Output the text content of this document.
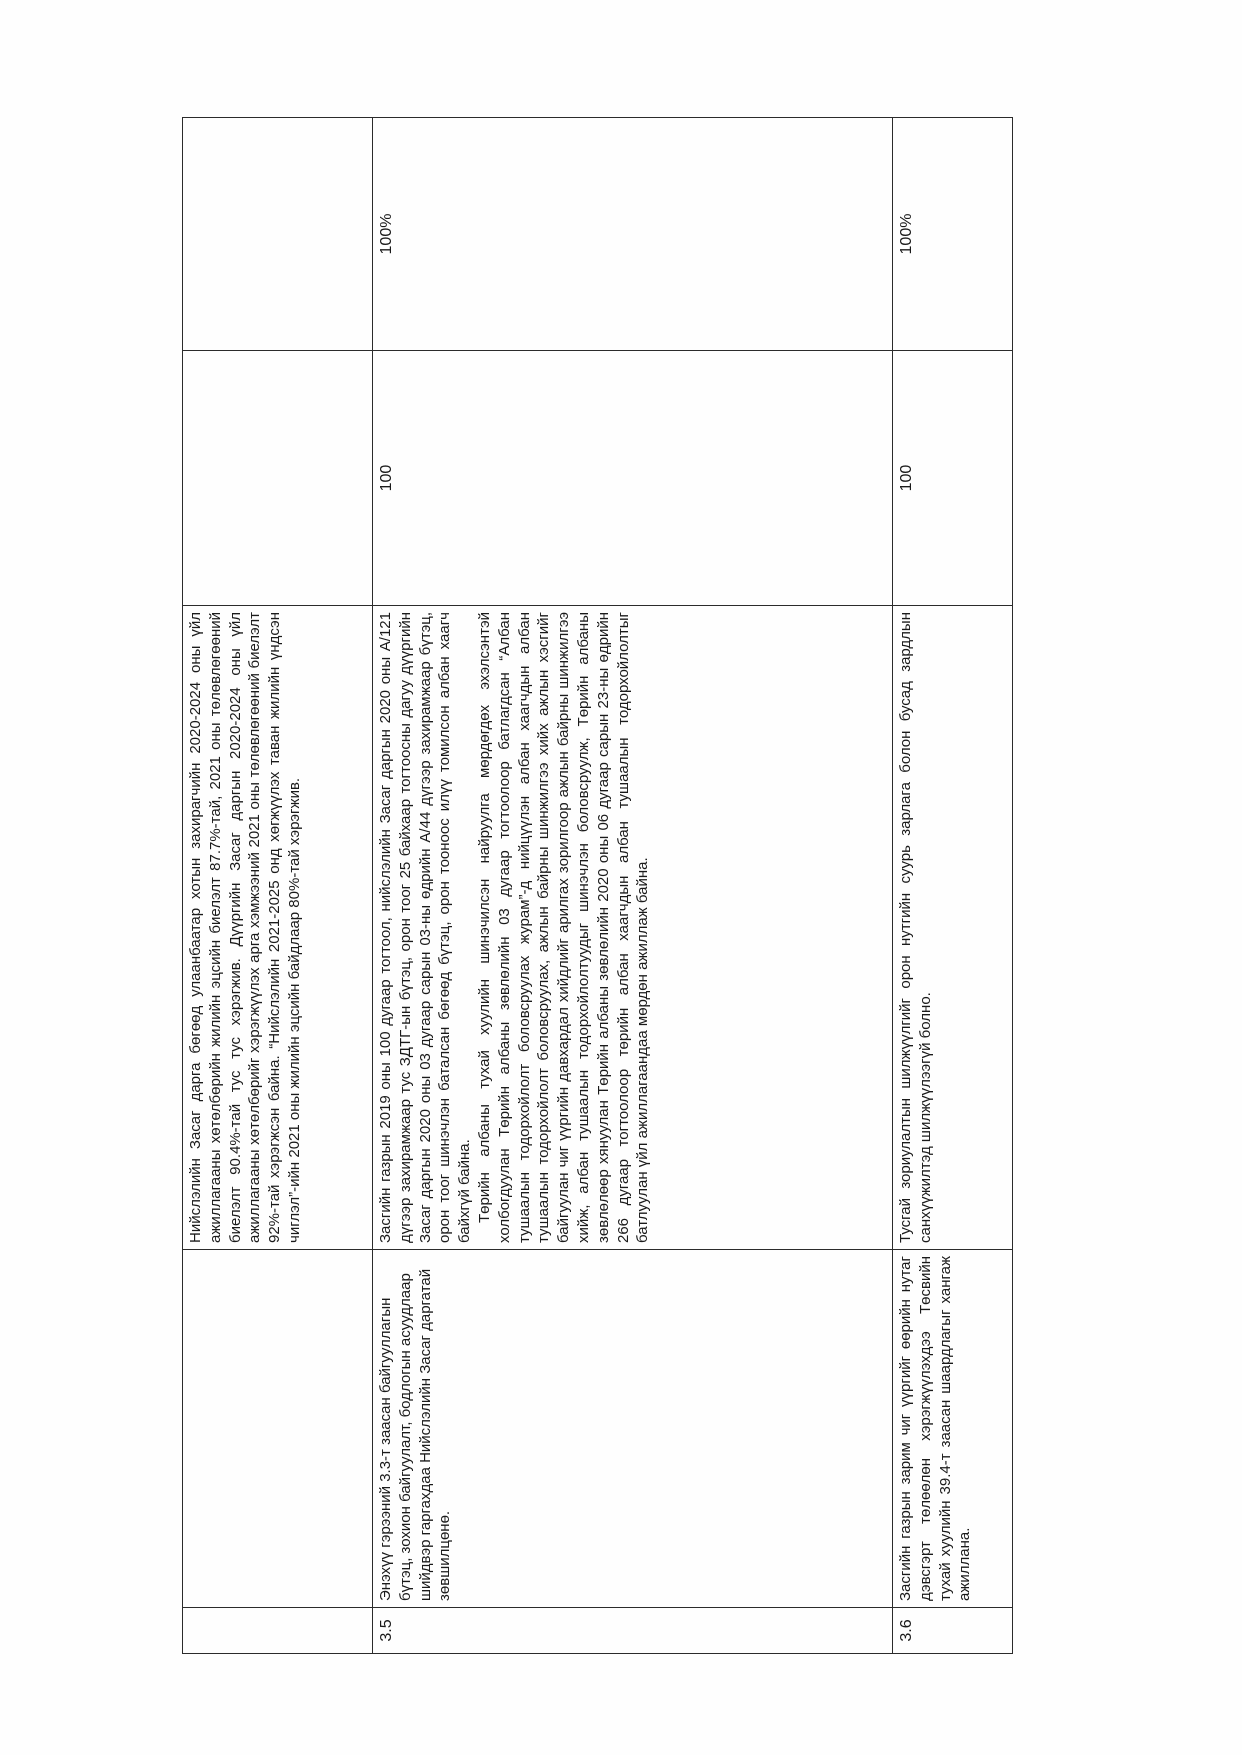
		Нийслэлийн Засаг дарга бөгөөд улаанбаатар хотын захирагчийн 2020-2024 оны үйл ажиллагааны хөтөлбөрийн жилийн эцсийн биелэлт 87.7%-тай, 2021 оны төлөвлөгөөний биелэлт 90.4%-тай тус тус хэрэгжив. Дүүргийн Засаг даргын 2020-2024 оны үйл ажиллагааны хөтөлбөрийг хэрэгжүүлэх арга хэмжээний 2021 оны төлөвлөгөөний биелэлт 92%-тай хэрэгжсэн байна. “Нийслэлийн 2021-2025 онд хөгжүүлэх таван жилийн үндсэн чиглэл”-ийн 2021 оны жилийн эцсийн байдлаар 80%-тай хэрэгжив.		
3.5	Энэхүү гэрээний 3.3-т заасан байгууллагын бүтэц, зохион байгуулалт, бодлогын асуудлаар шийдвэр гаргахдаа Нийслэлийн Засаг даргатай зөвшилцөнө.	Засгийн газрын 2019 оны 100 дугаар тогтоол, нийслэлийн Засаг даргын 2020 оны А/121 дүгээр захирамжаар тус ЗДТГ-ын бүтэц, орон тоог 25 байхаар тогтоосны дагуу дүүргийн Засаг даргын 2020 оны 03 дугаар сарын 03-ны өдрийн А/44 дүгээр захирамжаар бүтэц, орон тоог шинэчлэн баталсан бөгөөд бүтэц, орон тооноос илүү томилсон албан хаагч байхгүй байна. Төрийн албаны тухай хуулийн шинэчилсэн найруулга мөрдөгдөх эхэлсэнтэй холбогдуулан Төрийн албаны зөвлөлийн 03 дугаар тогтоолоор батлагдсан “Албан тушаалын тодорхойлолт боловсруулах журам”-д нийцүүлэн албан хаагчдын албан тушаалын тодорхойлолт боловсруулах, ажлын байрны шинжилгээ хийх ажлын хэсгийг байгуулан чиг үүргийн давхардал хийдлийг арилгах зорилгоор ажлын байрны шинжилгээ хийж, албан тушаалын тодорхойлолтуудыг шинэчлэн боловсруулж, Төрийн албаны зөвлөлөөр хянуулан Төрийн албаны зөвлөлийн 2020 оны 06 дугаар сарын 23-ны өдрийн 266 дугаар тогтоолоор төрийн албан хаагчдын албан тушаалын тодорхойлолтыг батлуулан үйл ажиллагаандаа мөрдөн ажиллаж байна.	100	100%
3.6	Засгийн газрын зарим чиг үүргийг өөрийн нутаг дэвсгэрт төлөөлөн хэрэгжүүлэхдээ Төсвийн тухай хуулийн 39.4-т заасан шаардлагыг хангаж ажиллана.	Тусгай зориулалтын шилжүүлгийг орон нутгийн суурь зарлага болон бусад зардлын санхүүжилтэд шилжүүлээгүй болно.	100	100%
